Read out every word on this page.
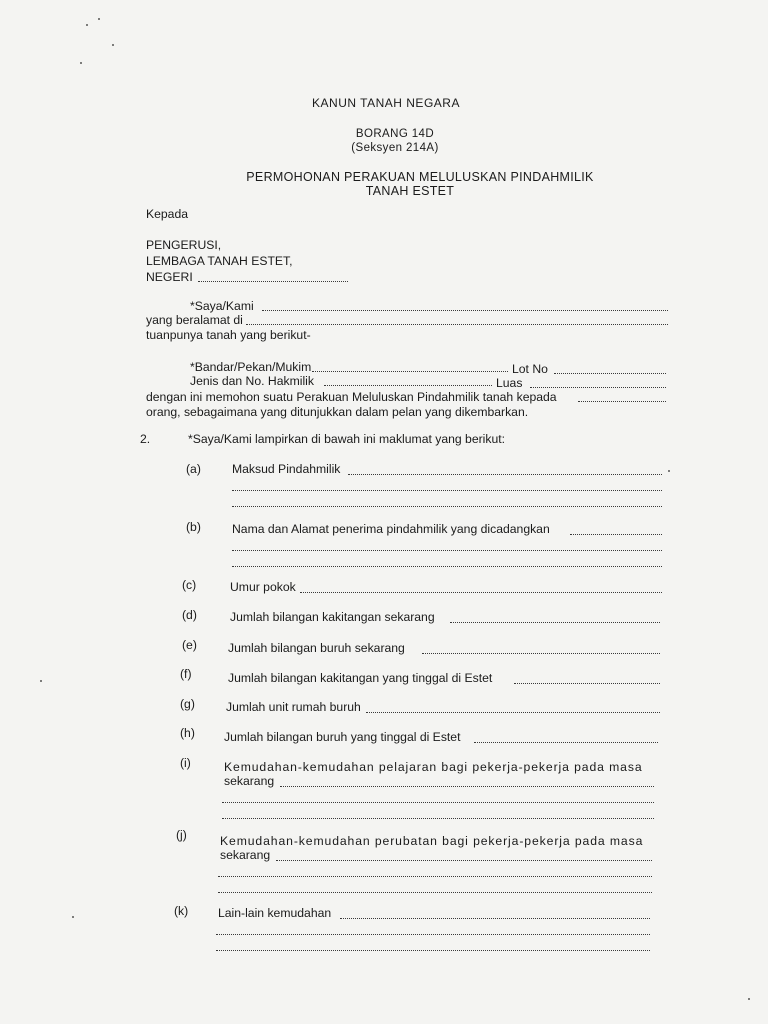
KANUN TANAH NEGARA
BORANG 14D
(Seksyen 214A)
PERMOHONAN PERAKUAN MELULUSKAN PINDAHMILIK
TANAH ESTET
Kepada
PENGERUSI,
LEMBAGA TANAH ESTET,
NEGERI
*Saya/Kami
yang beralamat di
tuanpunya tanah yang berikut-
*Bandar/Pekan/Mukim	Lot No
Jenis dan No. Hakmilik	Luas
dengan ini memohon suatu Perakuan Meluluskan Pindahmilik tanah kepada
orang, sebagaimana yang ditunjukkan dalam pelan yang dikembarkan.
2.	*Saya/Kami lampirkan di bawah ini maklumat yang berikut:
(a)	Maksud Pindahmilik
(b)	Nama dan Alamat penerima pindahmilik yang dicadangkan
(c)	Umur pokok
(d)	Jumlah bilangan kakitangan sekarang
(e)	Jumlah bilangan buruh sekarang
(f)	Jumlah bilangan kakitangan yang tinggal di Estet
(g)	Jumlah unit rumah buruh
(h) Jumlah bilangan buruh yang tinggal di Estet
(i)	Kemudahan-kemudahan pelajaran bagi pekerja-pekerja pada masa
sekarang
(j)	Kemudahan-kemudahan perubatan bagi pekerja-pekerja pada masa
sekarang
(k) Lain-lain kemudahan
